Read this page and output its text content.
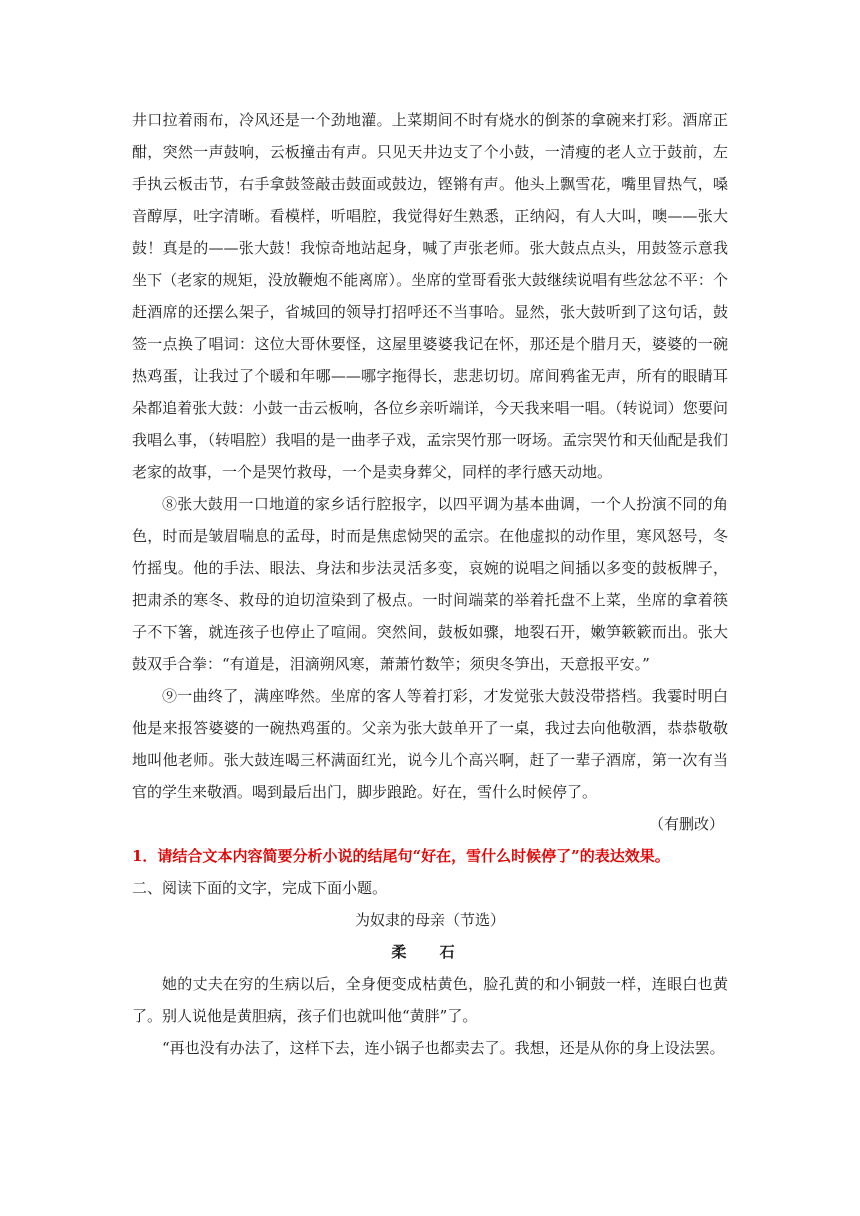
井口拉着雨布，冷风还是一个劲地灌。上菜期间不时有烧水的倒茶的拿碗来打彩。酒席正酣，突然一声鼓响，云板撞击有声。只见天井边支了个小鼓，一清瘦的老人立于鼓前，左手执云板击节，右手拿鼓签敲击鼓面或鼓边，铿锵有声。他头上飘雪花，嘴里冒热气，嗓音醇厚，吐字清晰。看模样，听唱腔，我觉得好生熟悉，正纳闷，有人大叫，噢——张大鼓！真是的——张大鼓！我惊奇地站起身，喊了声张老师。张大鼓点点头，用鼓签示意我坐下（老家的规矩，没放鞭炮不能离席）。坐席的堂哥看张大鼓继续说唱有些忿忿不平：个赶酒席的还摆么架子，省城回的领导打招呼还不当事哈。显然，张大鼓听到了这句话，鼓签一点换了唱词：这位大哥休要怪，这屋里婆婆我记在怀，那还是个腊月天，婆婆的一碗热鸡蛋，让我过了个暖和年哪——哪字拖得长，悲悲切切。席间鸦雀无声，所有的眼睛耳朵都追着张大鼓：小鼓一击云板响，各位乡亲听端详，今天我来唱一唱。（转说词）您要问我唱么事，（转唱腔）我唱的是一曲孝子戏，孟宗哭竹那一呀场。孟宗哭竹和天仙配是我们老家的故事，一个是哭竹救母，一个是卖身葬父，同样的孝行感天动地。

⑧张大鼓用一口地道的家乡话行腔报字，以四平调为基本曲调，一个人扮演不同的角色，时而是皱眉喘息的孟母，时而是焦虑恸哭的孟宗。在他虚拟的动作里，寒风怒号，冬竹摇曳。他的手法、眼法、身法和步法灵活多变，哀婉的说唱之间插以多变的鼓板牌子，把肃杀的寒冬、救母的迫切渲染到了极点。一时间端菜的举着托盘不上菜，坐席的拿着筷子不下箸，就连孩子也停止了喧闹。突然间，鼓板如骤，地裂石开，嫩笋簌簌而出。张大鼓双手合拳：“有道是，泪滴朔风寒，萧萧竹数竿；须臾冬笋出，天意报平安。”

⑨一曲终了，满座哗然。坐席的客人等着打彩，才发觉张大鼓没带搭档。我霎时明白他是来报答婆婆的一碗热鸡蛋的。父亲为张大鼓单开了一桌，我过去向他敬酒，恭恭敬敬地叫他老师。张大鼓连喝三杯满面红光，说今儿个高兴啊，赶了一辈子酒席，第一次有当官的学生来敬酒。喝到最后出门，脚步踉跄。好在，雪什么时候停了。

（有删改）

1．请结合文本内容简要分析小说的结尾句“好在，雪什么时候停了”的表达效果。

二、阅读下面的文字，完成下面小题。

为奴隶的母亲（节选）

柔 石

她的丈夫在穷的生病以后，全身便变成枯黄色，脸孔黄的和小铜鼓一样，连眼白也黄了。别人说他是黄胆病，孩子们也就叫他“黄胖”了。

“再也没有办法了，这样下去，连小锅子也都卖去了。我想，还是从你的身上设法罢。
